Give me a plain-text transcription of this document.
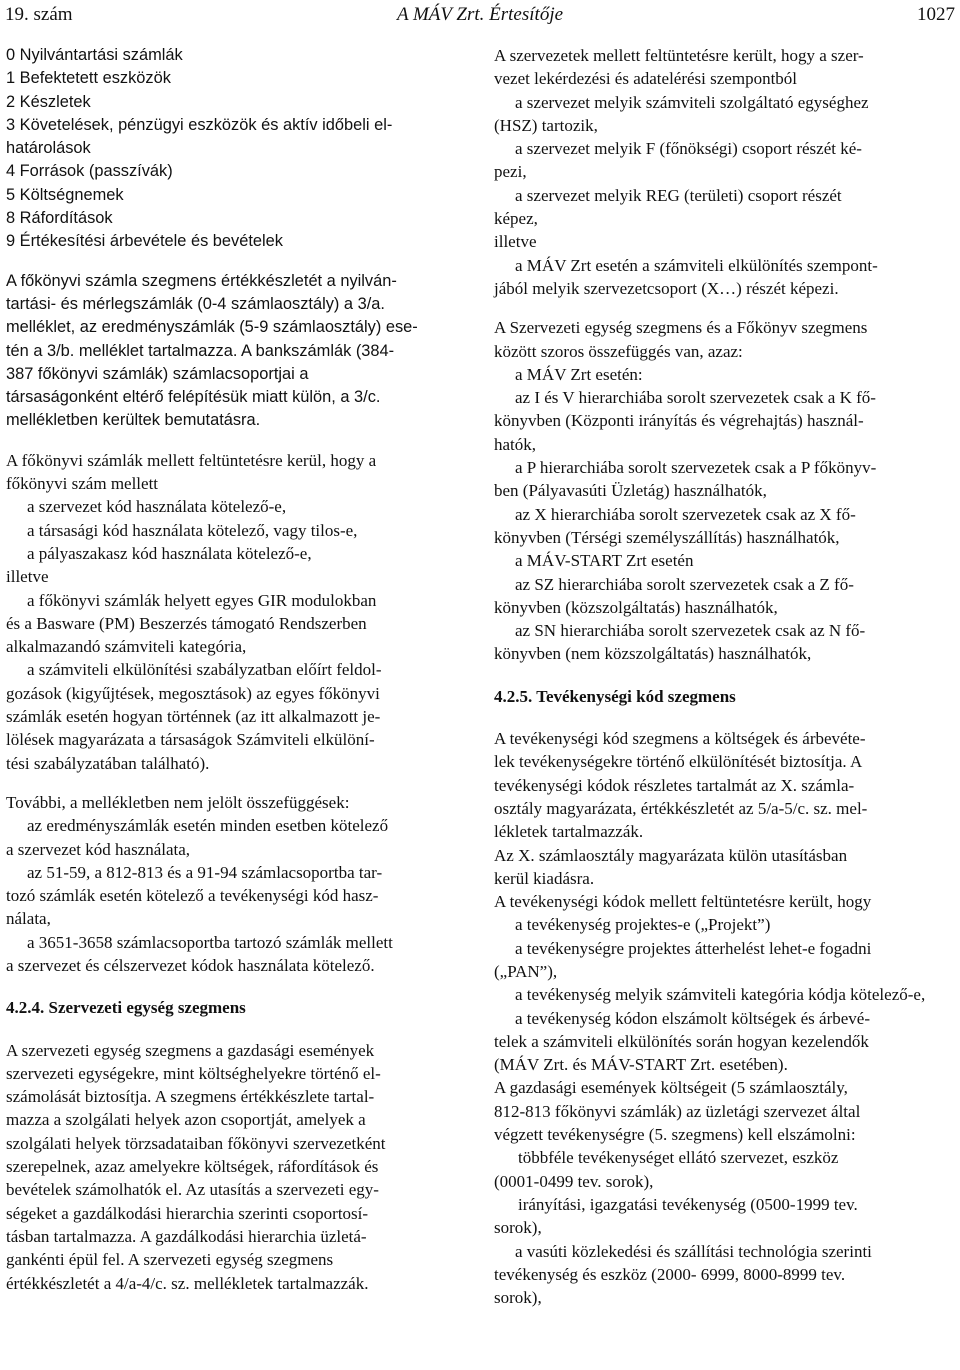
19. szám	A MÁV Zrt. Értesítője	1027

0 Nyilvántartási számlák

1 Befektetett eszközök

2 Készletek

3 Követelések, pénzügyi eszközök és aktív időbeli el-

határolások

4 Források (passzívák)

5 Költségnemek

8 Ráfordítások

9 Értékesítési árbevétele és bevételek

A főkönyvi számla szegmens értékkészletét a nyilván-

tartási- és mérlegszámlák (0-4 számlaosztály) a 3/a.

melléklet, az eredményszámlák (5-9 számlaosztály) ese-

tén a 3/b. melléklet tartalmazza. A bankszámlák (384-

387 főkönyvi számlák) számlacsoportjai a

társaságonként eltérő felépítésük miatt külön, a 3/c.

mellékletben kerültek bemutatásra.

A főkönyvi számlák mellett feltüntetésre kerül, hogy a

főkönyvi szám mellett

a szervezet kód használata kötelező-e,

a társasági kód használata kötelező, vagy tilos-e,

a pályaszakasz kód használata kötelező-e,

illetve

a főkönyvi számlák helyett egyes GIR modulokban

és a Basware (PM) Beszerzés támogató Rendszerben

alkalmazandó számviteli kategória,

a számviteli elkülönítési szabályzatban előírt feldol-

gozások (kigyűjtések, megosztások) az egyes főkönyvi

számlák esetén hogyan történnek (az itt alkalmazott je-

lölések magyarázata a társaságok Számviteli elkülöní-

tési szabályzatában található).

További, a mellékletben nem jelölt összefüggések:

az eredményszámlák esetén minden esetben kötelező

a szervezet kód használata,

az 51-59, a 812-813 és a 91-94 számlacsoportba tar-

tozó számlák esetén kötelező a tevékenységi kód hasz-

nálata,

a 3651-3658 számlacsoportba tartozó számlák mellett

a szervezet és célszervezet kódok használata kötelező.

4.2.4. Szervezeti egység szegmens

A szervezeti egység szegmens a gazdasági események

szervezeti egységekre, mint költséghelyekre történő el-

számolását biztosítja. A szegmens értékkészlete tartal-

mazza a szolgálati helyek azon csoportját, amelyek a

szolgálati helyek törzsadataiban főkönyvi szervezetként

szerepelnek, azaz amelyekre költségek, ráfordítások és

bevételek számolhatók el. Az utasítás a szervezeti egy-

ségeket a gazdálkodási hierarchia szerinti csoportosí-

tásban tartalmazza. A gazdálkodási hierarchia üzletá-

gankénti épül fel. A szervezeti egység szegmens

értékkészletét a 4/a-4/c. sz. mellékletek tartalmazzák.

A szervezetek mellett feltüntetésre került, hogy a szer-

vezet lekérdezési és adatelérési szempontból

a szervezet melyik számviteli szolgáltató egységhez

(HSZ) tartozik,

a szervezet melyik F (főnökségi) csoport részét ké-

pezi,

a szervezet melyik REG (területi) csoport részét

képez,

illetve

a MÁV Zrt esetén a számviteli elkülönítés szempont-

jából melyik szervezetcsoport (X…) részét képezi.

A Szervezeti egység szegmens és a Főkönyv szegmens

között szoros összefüggés van, azaz:

a MÁV Zrt esetén:

az I és V hierarchiába sorolt szervezetek csak a K fő-

könyvben (Központi irányítás és végrehajtás) használ-

hatók,

a P hierarchiába sorolt szervezetek csak a P főkönyv-

ben (Pályavasúti Üzletág) használhatók,

az X hierarchiába sorolt szervezetek csak az X fő-

könyvben (Térségi személyszállítás) használhatók,

a MÁV-START Zrt esetén

az SZ hierarchiába sorolt szervezetek csak a Z fő-

könyvben (közszolgáltatás) használhatók,

az SN hierarchiába sorolt szervezetek csak az N fő-

könyvben (nem közszolgáltatás) használhatók,

4.2.5. Tevékenységi kód szegmens

A tevékenységi kód szegmens a költségek és árbevéte-

lek tevékenységekre történő elkülönítését biztosítja. A

tevékenységi kódok részletes tartalmát az X. számla-

osztály magyarázata, értékkészletét az 5/a-5/c. sz. mel-

lékletek tartalmazzák.

Az X. számlaosztály magyarázata külön utasításban

kerül kiadásra.

A tevékenységi kódok mellett feltüntetésre került, hogy

a tevékenység projektes-e („Projekt”)

a tevékenységre projektes átterhelést lehet-e fogadni

(„PAN”),

a tevékenység melyik számviteli kategória kódja kötelező-e,

a tevékenység kódon elszámolt költségek és árbevé-

telek a számviteli elkülönítés során hogyan kezelendők

(MÁV Zrt. és MÁV-START Zrt. esetében).

A gazdasági események költségeit (5 számlaosztály,

812-813 főkönyvi számlák) az üzletági szervezet által

végzett tevékenységre (5. szegmens) kell elszámolni:

többféle tevékenységet ellátó szervezet, eszköz

(0001-0499 tev. sorok),

irányítási, igazgatási tevékenység (0500-1999 tev.

sorok),

a vasúti közlekedési és szállítási technológia szerinti

tevékenység és eszköz (2000- 6999, 8000-8999 tev.

sorok),
